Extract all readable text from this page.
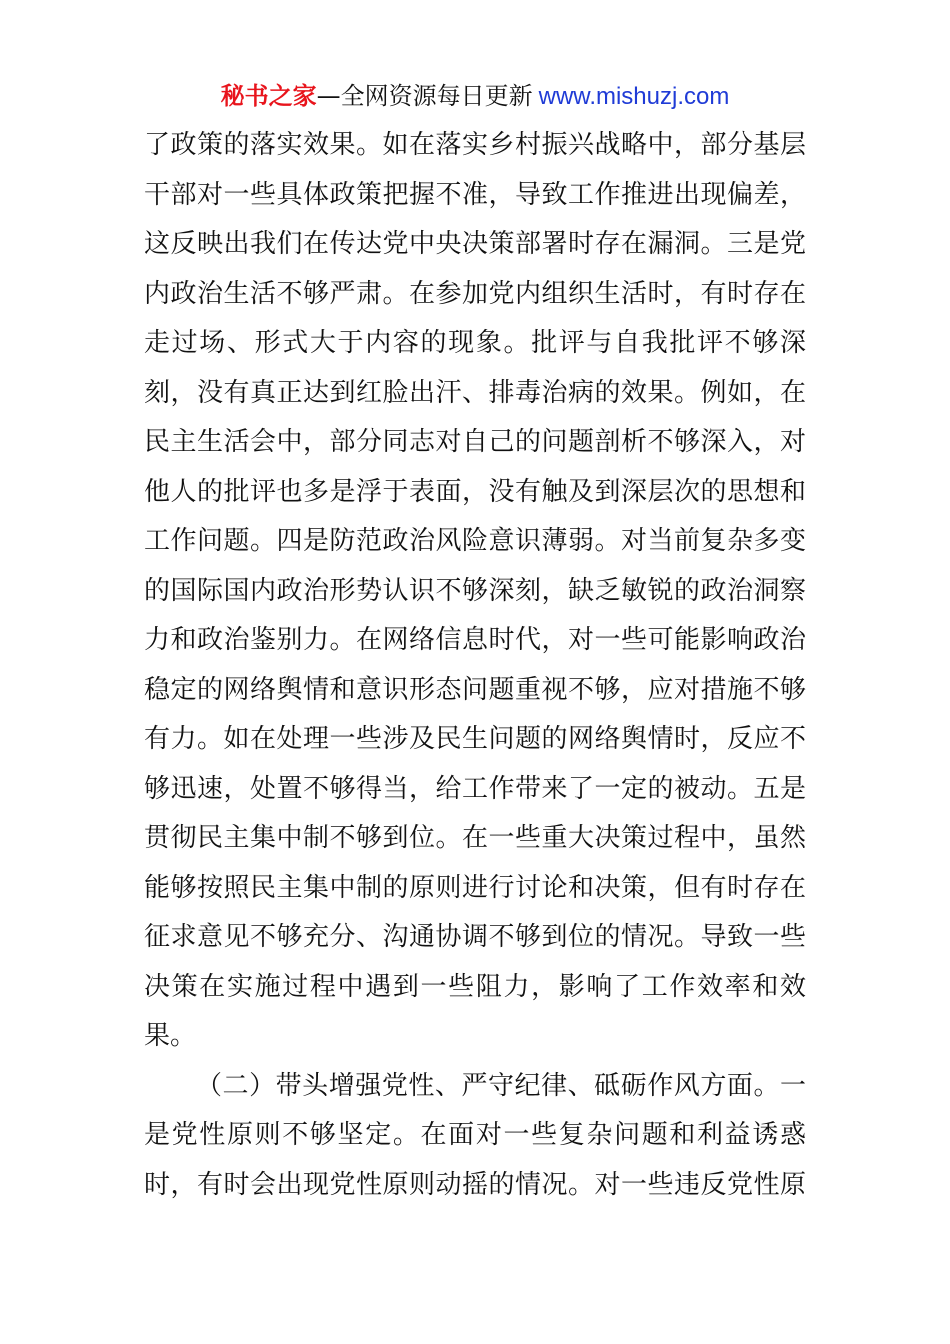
秘书之家—全网资源每日更新 www.mishuzj.com
了政策的落实效果。如在落实乡村振兴战略中，部分基层
干部对一些具体政策把握不准，导致工作推进出现偏差，
这反映出我们在传达党中央决策部署时存在漏洞。三是党
内政治生活不够严肃。在参加党内组织生活时，有时存在
走过场、形式大于内容的现象。批评与自我批评不够深
刻，没有真正达到红脸出汗、排毒治病的效果。例如，在
民主生活会中，部分同志对自己的问题剖析不够深入，对
他人的批评也多是浮于表面，没有触及到深层次的思想和
工作问题。四是防范政治风险意识薄弱。对当前复杂多变
的国际国内政治形势认识不够深刻，缺乏敏锐的政治洞察
力和政治鉴别力。在网络信息时代，对一些可能影响政治
稳定的网络舆情和意识形态问题重视不够，应对措施不够
有力。如在处理一些涉及民生问题的网络舆情时，反应不
够迅速，处置不够得当，给工作带来了一定的被动。五是
贯彻民主集中制不够到位。在一些重大决策过程中，虽然
能够按照民主集中制的原则进行讨论和决策，但有时存在
征求意见不够充分、沟通协调不够到位的情况。导致一些
决策在实施过程中遇到一些阻力，影响了工作效率和效
果。
（二）带头增强党性、严守纪律、砥砺作风方面。一
是党性原则不够坚定。在面对一些复杂问题和利益诱惑
时，有时会出现党性原则动摇的情况。对一些违反党性原
